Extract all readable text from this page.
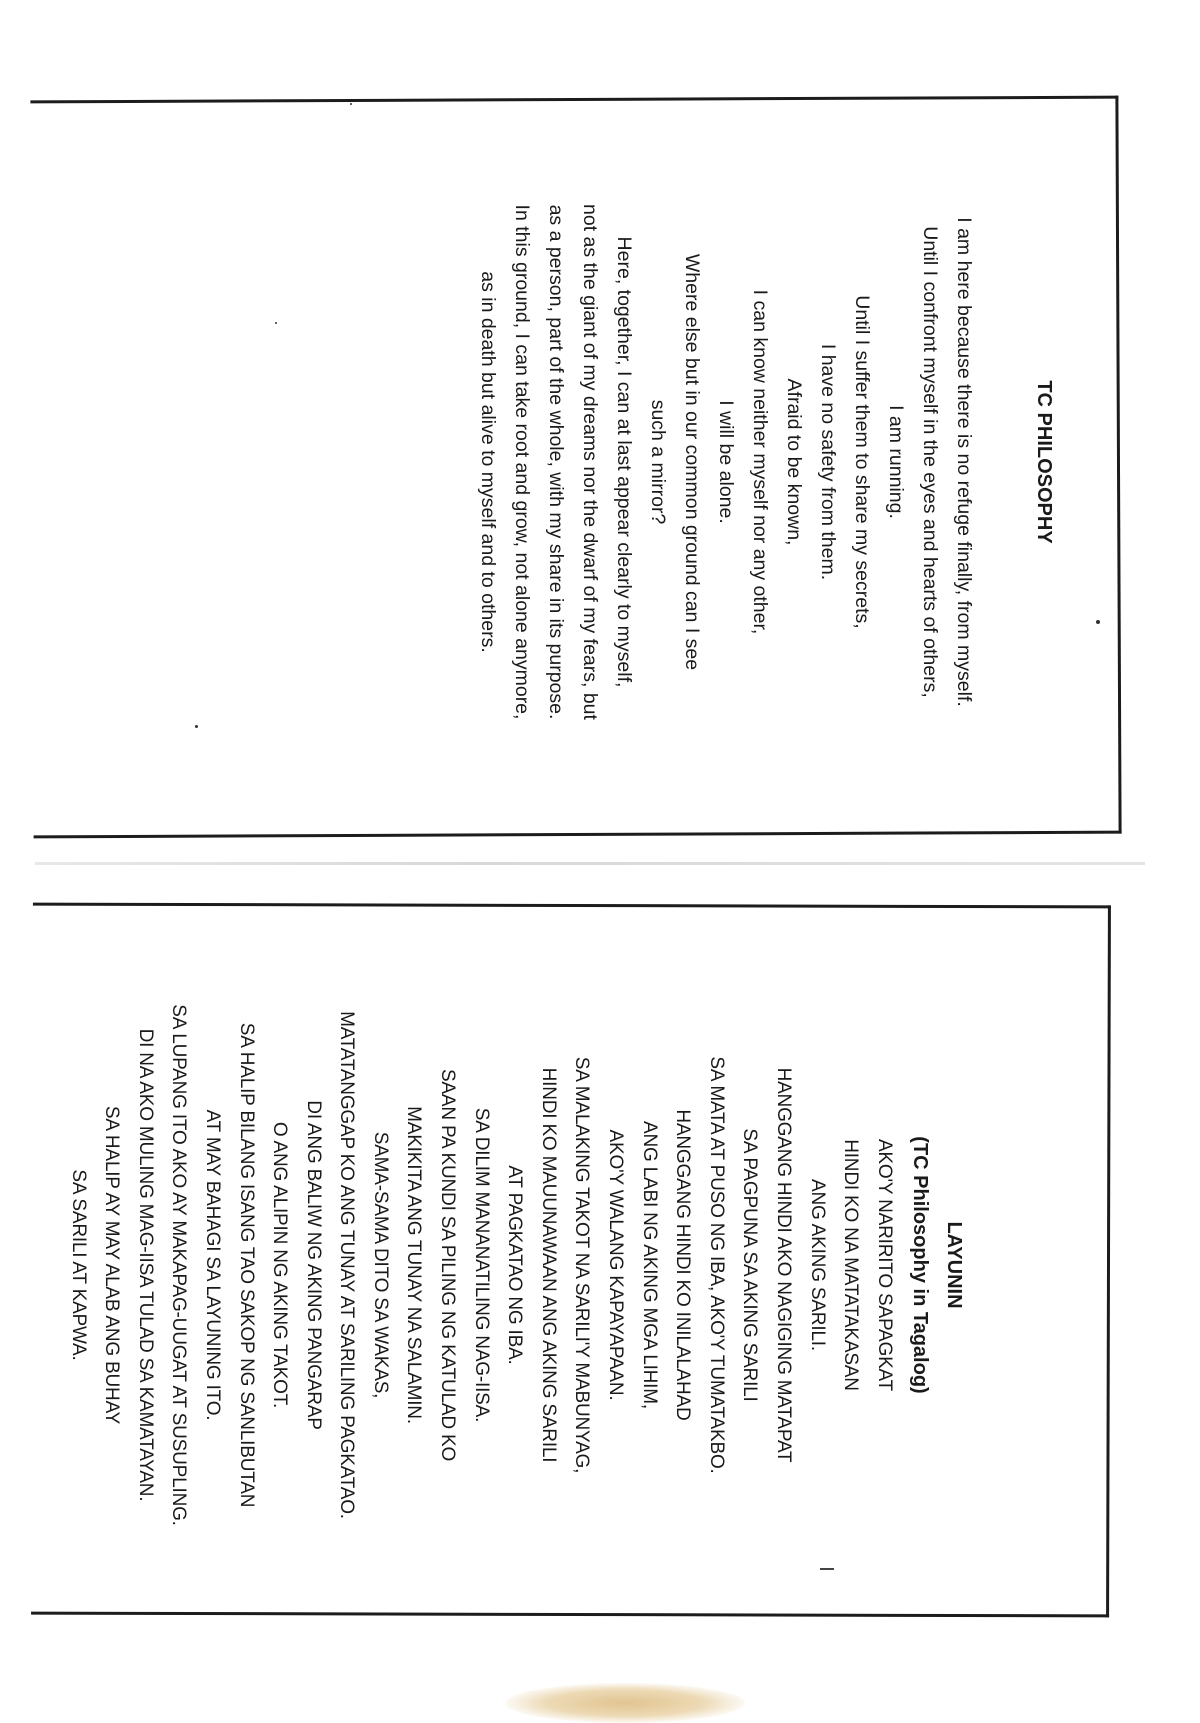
TC PHILOSOPHY
I am here because there is no refuge finally, from myself.
Until I confront myself in the eyes and hearts of others,
I am running.
Until I suffer them to share my secrets,
I have no safety from them.
Afraid to be known,
I can know neither myself nor any other,
I will be alone.
Where else but in our common ground can I see
such a mirror?
Here, together, I can at last appear clearly to myself,
not as the giant of my dreams nor the dwarf of my fears, but
as a person, part of the whole, with my share in its purpose.
In this ground, I can take root and grow, not alone anymore,
as in death but alive to myself and to others.
LAYUNIN
(TC Philosophy in Tagalog)
AKO'Y NARIRITO SAPAGKAT
HINDI KO NA MATATAKASAN
ANG AKING SARILI.
HANGGANG HINDI AKO NAGIGING MATAPAT
SA PAGPUNA SA AKING SARILI
SA MATA AT PUSO NG IBA, AKO'Y TUMATAKBO.
HANGGANG HINDI KO INILALAHAD
ANG LABI NG AKING MGA LIHIM,
AKO'Y WALANG KAPAYAPAAN.
SA MALAKING TAKOT NA SARILI'Y MABUNYAG,
HINDI KO MAUUNAWAAN ANG AKING SARILI
AT PAGKATAO NG IBA.
SA DILIM MANANATILING NAG-IISA.
SAAN PA KUNDI SA PILING NG KATULAD KO
MAKIKITA ANG TUNAY NA SALAMIN.
SAMA-SAMA DITO SA WAKAS,
MATATANGGAP KO ANG TUNAY AT SARILING PAGKATAO.
DI ANG BALIW NG AKING PANGARAP
O ANG ALIPIN NG AKING TAKOT.
SA HALIP BILANG ISANG TAO SAKOP NG SANLIBUTAN
AT MAY BAHAGI SA LAYUNING ITO.
SA LUPANG ITO AKO AY MAKAPAG-UUGAT AT SUSUPLING.
DI NA AKO MULING MAG-IISA TULAD SA KAMATAYAN.
SA HALIP AY MAY ALAB ANG BUHAY
SA SARILI AT KAPWA.
